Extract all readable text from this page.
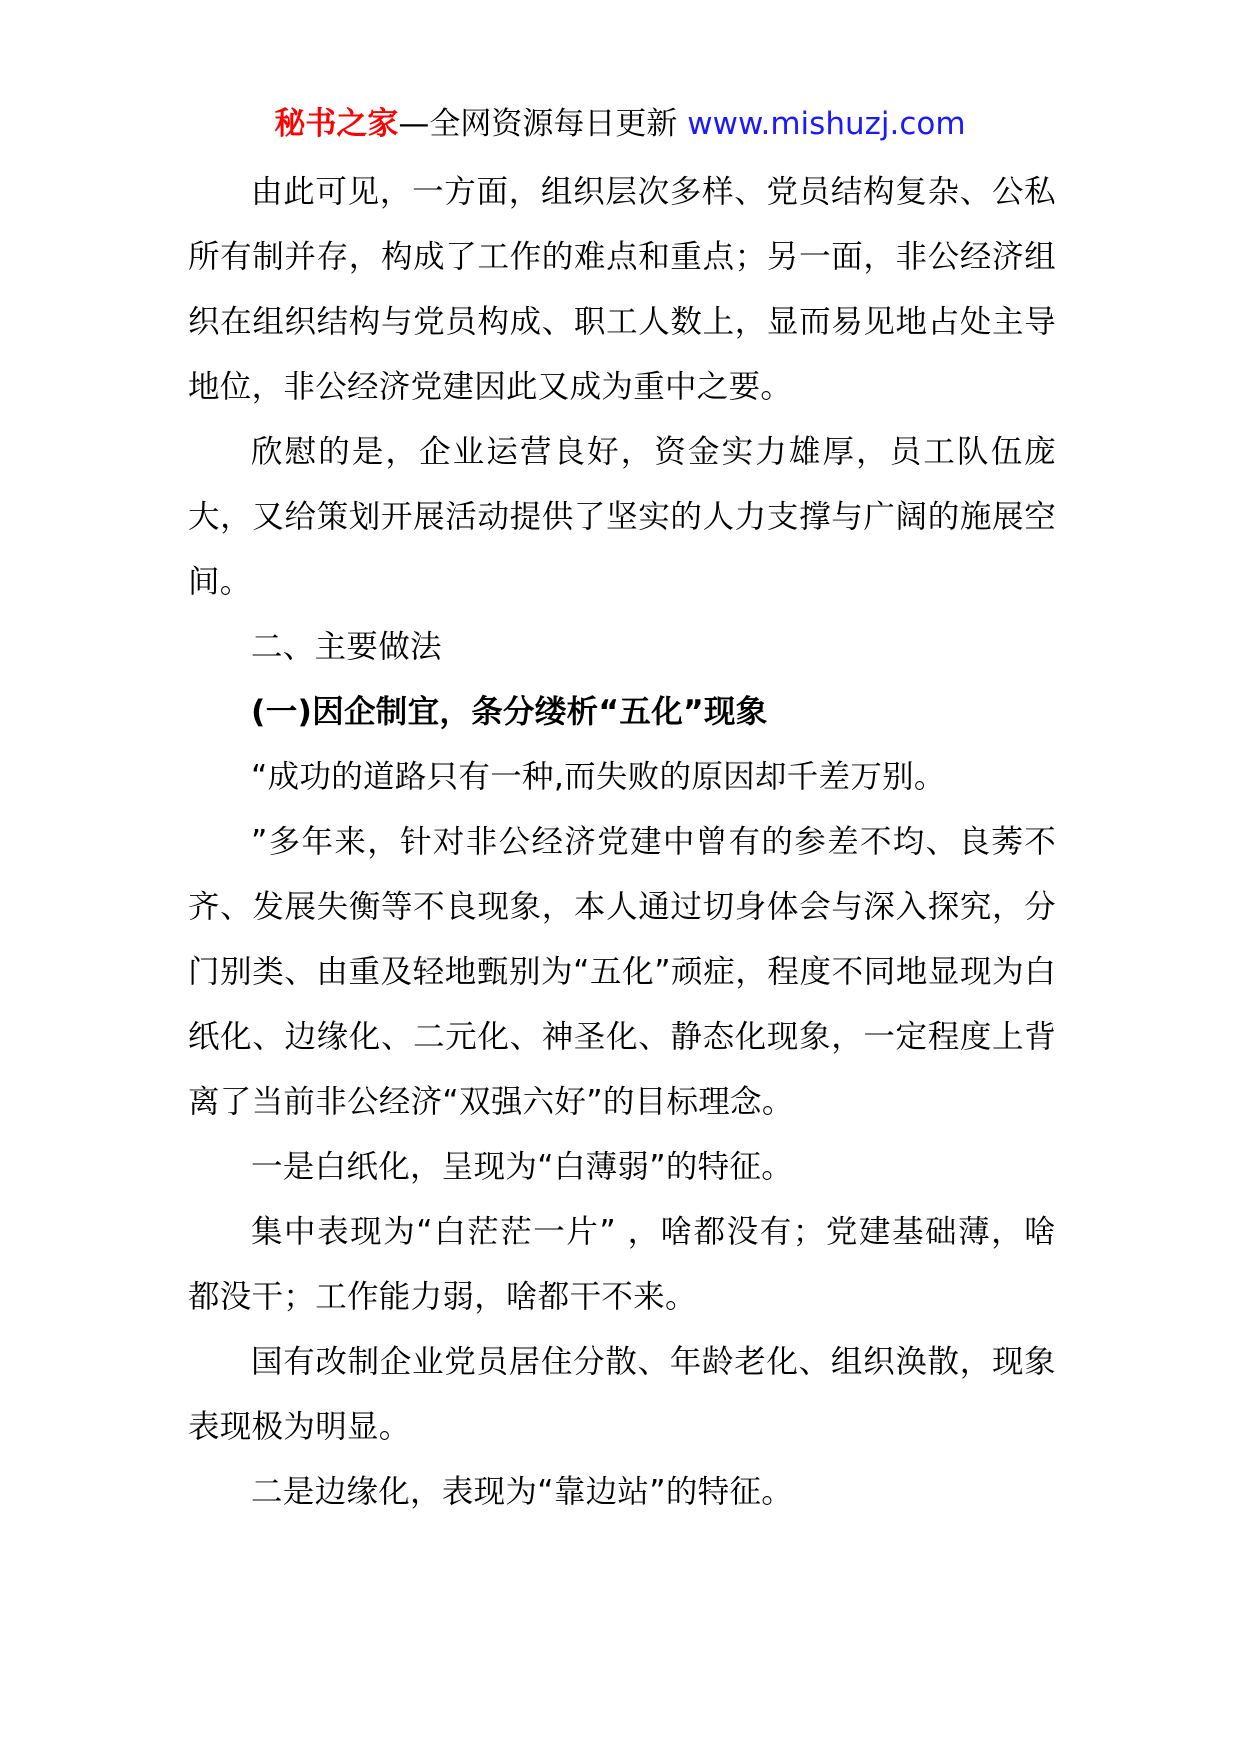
秘书之家—全网资源每日更新 www.mishuzj.com

由此可见，一方面，组织层次多样、党员结构复杂、公私所有制并存，构成了工作的难点和重点；另一面，非公经济组织在组织结构与党员构成、职工人数上，显而易见地占处主导地位，非公经济党建因此又成为重中之要。

欣慰的是，企业运营良好，资金实力雄厚，员工队伍庞大，又给策划开展活动提供了坚实的人力支撑与广阔的施展空间。

二、主要做法

(一)因企制宜，条分缕析“五化”现象

“成功的道路只有一种,而失败的原因却千差万别。

”多年来，针对非公经济党建中曾有的参差不均、良莠不齐、发展失衡等不良现象，本人通过切身体会与深入探究，分门别类、由重及轻地甄别为“五化”顽症，程度不同地显现为白纸化、边缘化、二元化、神圣化、静态化现象，一定程度上背离了当前非公经济“双强六好”的目标理念。

一是白纸化，呈现为“白薄弱”的特征。

集中表现为“白茫茫一片” ，啥都没有；党建基础薄，啥都没干；工作能力弱，啥都干不来。

国有改制企业党员居住分散、年龄老化、组织涣散，现象表现极为明显。

二是边缘化，表现为“靠边站”的特征。
